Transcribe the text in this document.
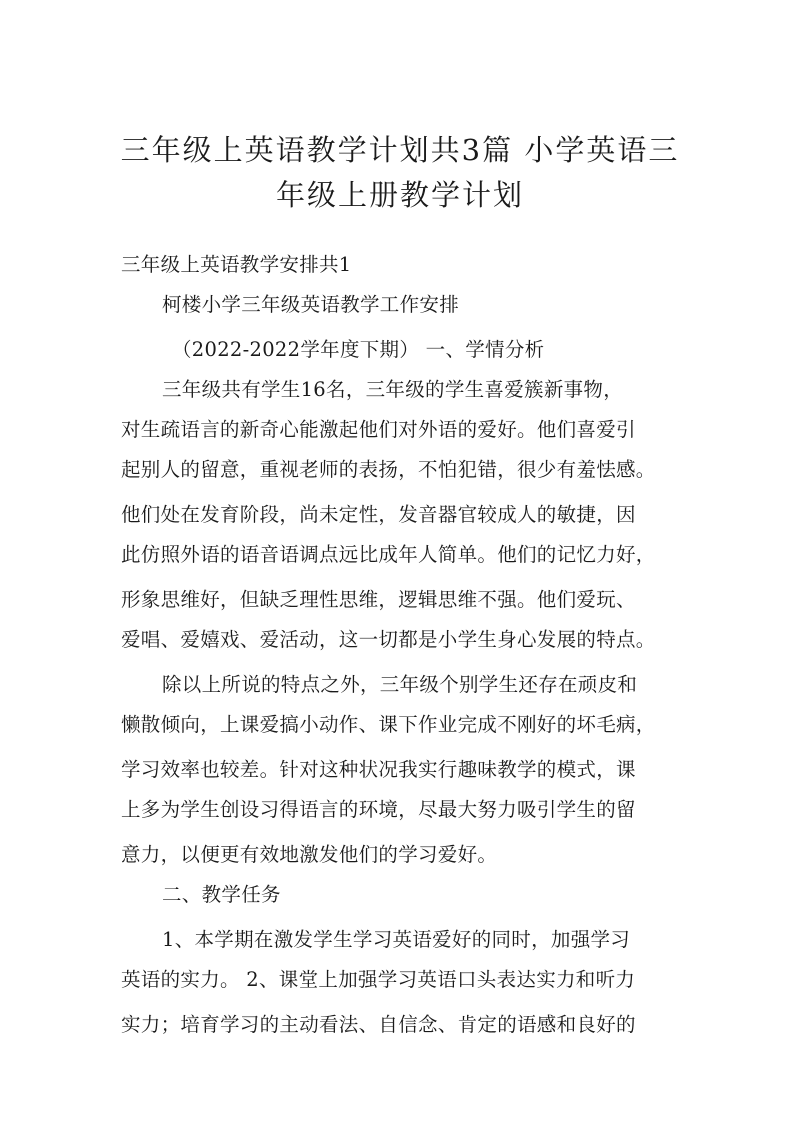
三年级上英语教学计划共3篇 小学英语三
年级上册教学计划

三年级上英语教学安排共1

柯楼小学三年级英语教学工作安排

（2022-2022学年度下期） 一、学情分析

三年级共有学生16名，三年级的学生喜爱簇新事物，

对生疏语言的新奇心能激起他们对外语的爱好。他们喜爱引

起别人的留意，重视老师的表扬，不怕犯错，很少有羞怯感。

他们处在发育阶段，尚未定性，发音器官较成人的敏捷，因

此仿照外语的语音语调点远比成年人简单。他们的记忆力好，

形象思维好，但缺乏理性思维，逻辑思维不强。他们爱玩、

爱唱、爱嬉戏、爱活动，这一切都是小学生身心发展的特点。

除以上所说的特点之外，三年级个别学生还存在顽皮和

懒散倾向，上课爱搞小动作、课下作业完成不刚好的坏毛病，

学习效率也较差。针对这种状况我实行趣味教学的模式，课

上多为学生创设习得语言的环境，尽最大努力吸引学生的留

意力，以便更有效地激发他们的学习爱好。

二、教学任务

1、本学期在激发学生学习英语爱好的同时，加强学习

英语的实力。 2、课堂上加强学习英语口头表达实力和听力

实力；培育学习的主动看法、自信念、肯定的语感和良好的
